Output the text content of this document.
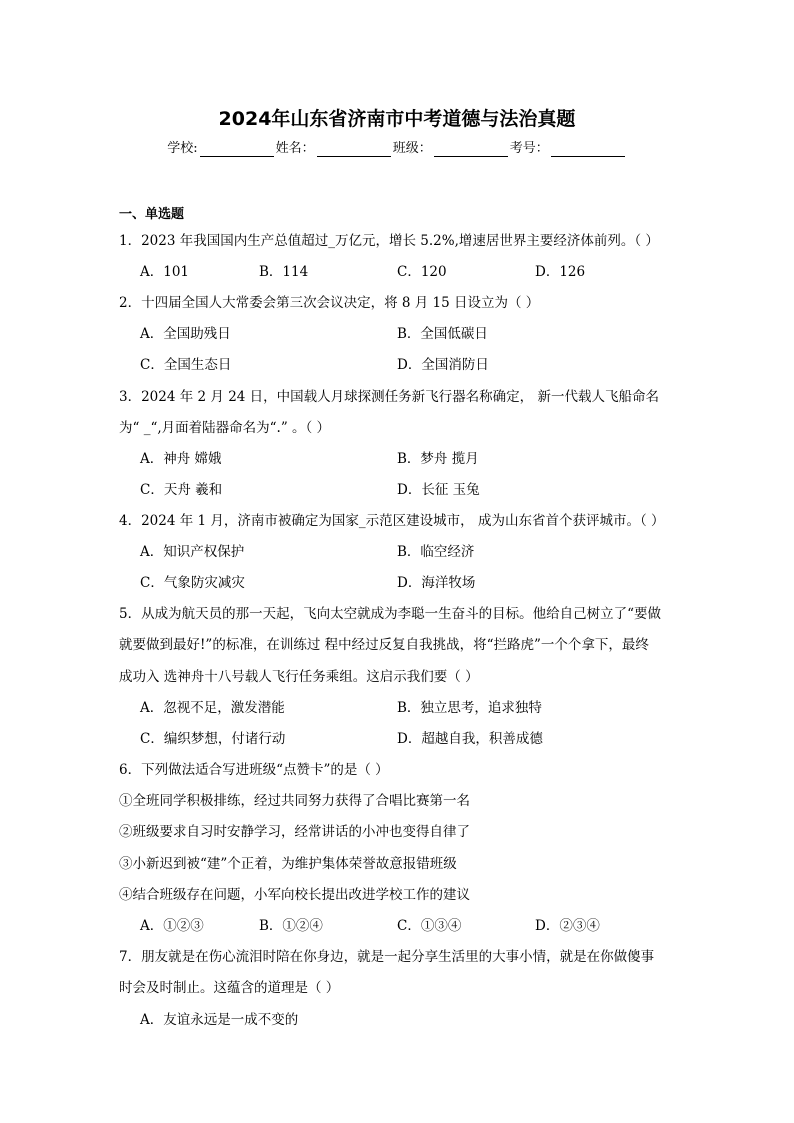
2024年山东省济南市中考道德与法治真题
学校:	姓名：	班级：	考号：
一、单选题
1．2023 年我国国内生产总值超过_万亿元，增长 5.2%,增速居世界主要经济体前列。（ ）
A．101	B．114	C．120	D．126
2．十四届全国人大常委会第三次会议决定，将 8 月 15 日设立为（ ）
A．全国助残日	B．全国低碳日
C．全国生态日	D．全国消防日
3．2024 年 2 月 24 日，中国载人月球探测任务新飞行器名称确定， 新一代载人飞船命名
为“ _“,月面着陆器命名为“.” 。（ ）
A．神舟 嫦娥	B．梦舟 揽月
C．天舟 羲和	D．长征 玉兔
4．2024 年 1 月，济南市被确定为国家_示范区建设城市， 成为山东省首个获评城市。（ ）
A．知识产权保护	B．临空经济
C．气象防灾减灾	D．海洋牧场
5．从成为航天员的那一天起，飞向太空就成为李聪一生奋斗的目标。他给自己树立了“要做
就要做到最好!”的标准，在训练过 程中经过反复自我挑战，将“拦路虎”一个个拿下，最终
成功入 选神舟十八号载人飞行任务乘组。这启示我们要（ ）
A．忽视不足，激发潜能	B．独立思考，追求独特
C．编织梦想，付诸行动	D．超越自我，积善成德
6．下列做法适合写进班级“点赞卡”的是（ ）
①全班同学积极排练，经过共同努力获得了合唱比赛第一名
②班级要求自习时安静学习，经常讲话的小冲也变得自律了
③小新迟到被“建”个正着，为维护集体荣誉故意报错班级
④结合班级存在问题，小军向校长提出改进学校工作的建议
A．①②③	B．①②④	C．①③④	D．②③④
7．朋友就是在伤心流泪时陪在你身边，就是一起分享生活里的大事小情，就是在你做傻事
时会及时制止。这蕴含的道理是（ ）
A．友谊永远是一成不变的
